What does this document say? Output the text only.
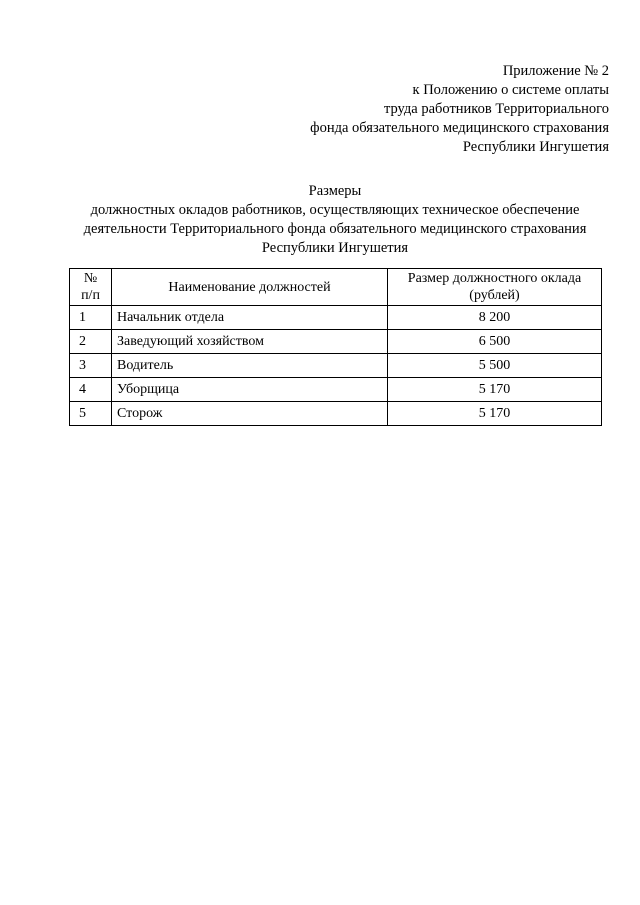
Приложение № 2
к Положению о системе оплаты
труда работников Территориального
фонда обязательного медицинского страхования
Республики Ингушетия
Размеры
должностных окладов работников, осуществляющих техническое обеспечение
деятельности Территориального фонда обязательного медицинского страхования
Республики Ингушетия
№
п/п	Наименование должностей	Размер должностного оклада
(рублей)
1	Начальник отдела	8 200
2	Заведующий хозяйством	6 500
3	Водитель	5 500
4	Уборщица	5 170
5	Сторож	5 170
